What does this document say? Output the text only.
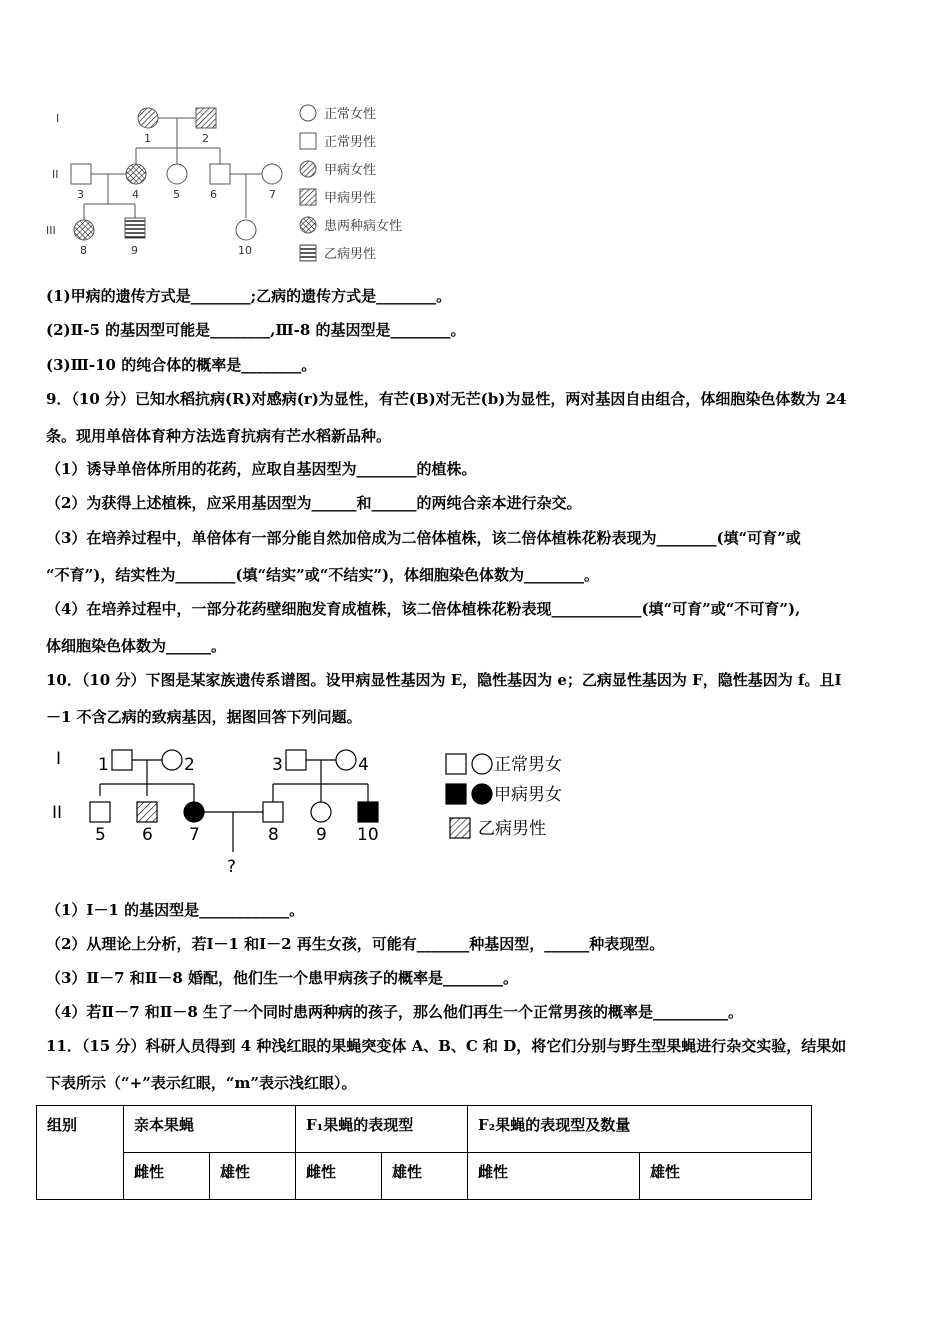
I
II
III
1	2
3	4	5	6	7
8	9	10
正常女性
正常男性
甲病女性
甲病男性
患两种病女性
乙病男性
(1)甲病的遗传方式是________;乙病的遗传方式是________。
(2)Ⅱ-5 的基因型可能是________,Ⅲ-8 的基因型是________。
(3)Ⅲ-10 的纯合体的概率是________。
9．（10 分）已知水稻抗病(R)对感病(r)为显性，有芒(B)对无芒(b)为显性，两对基因自由组合，体细胞染色体数为 24
条。现用单倍体育种方法选育抗病有芒水稻新品种。
（1）诱导单倍体所用的花药，应取自基因型为________的植株。
（2）为获得上述植株，应采用基因型为______和______的两纯合亲本进行杂交。
（3）在培养过程中，单倍体有一部分能自然加倍成为二倍体植株，该二倍体植株花粉表现为________(填“可育”或
“不育”)，结实性为________(填“结实”或“不结实”)，体细胞染色体数为________。
（4）在培养过程中，一部分花药壁细胞发育成植株，该二倍体植株花粉表现____________(填“可育”或“不可育”),
体细胞染色体数为______。
10．（10 分）下图是某家族遗传系谱图。设甲病显性基因为 E，隐性基因为 e；乙病显性基因为 F，隐性基因为 f。且Ⅰ
－1 不含乙病的致病基因，据图回答下列问题。
I
II
1	2	3	4
5 6 7	8 9 10
?
正常男女
甲病男女
乙病男性
（1）Ⅰ－1 的基因型是____________。
（2）从理论上分析，若Ⅰ－1 和Ⅰ－2 再生女孩，可能有_______种基因型，______种表现型。
（3）Ⅱ－7 和Ⅱ－8 婚配，他们生一个患甲病孩子的概率是________。
（4）若Ⅱ－7 和Ⅱ－8 生了一个同时患两种病的孩子，那么他们再生一个正常男孩的概率是__________。
11．（15 分）科研人员得到 4 种浅红眼的果蝇突变体 A、B、C 和 D，将它们分别与野生型果蝇进行杂交实验，结果如
下表所示（“+”表示红眼，“m”表示浅红眼）。
组别	亲本果蝇		F₁果蝇的表现型		F₂果蝇的表现型及数量	
	雌性	雄性	雌性	雄性	雌性	雄性
